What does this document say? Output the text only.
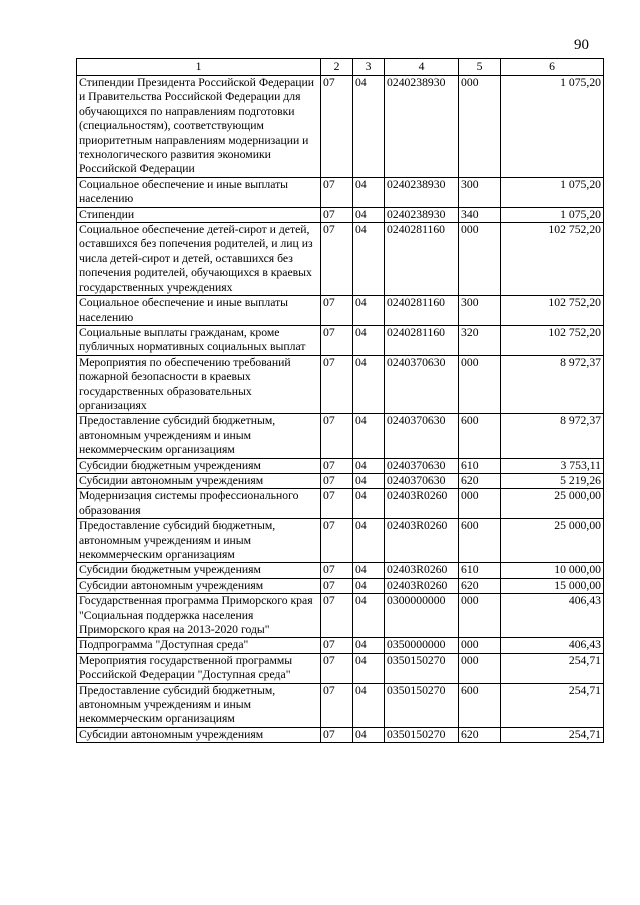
90
1	2	3	4	5	6
Стипендии Президента Российской Федерации и Правительства Российской Федерации для обучающихся по направлениям подготовки (специальностям), соответствующим приоритетным направлениям модернизации и технологического развития экономики Российской Федерации	07	04	0240238930	000	1 075,20
Социальное обеспечение и иные выплаты населению	07	04	0240238930	300	1 075,20
Стипендии	07	04	0240238930	340	1 075,20
Социальное обеспечение детей-сирот и детей, оставшихся без попечения родителей, и лиц из числа детей-сирот и детей, оставшихся без попечения родителей, обучающихся в краевых государственных учреждениях	07	04	0240281160	000	102 752,20
Социальное обеспечение и иные выплаты населению	07	04	0240281160	300	102 752,20
Социальные выплаты гражданам, кроме публичных нормативных социальных выплат	07	04	0240281160	320	102 752,20
Мероприятия по обеспечению требований пожарной безопасности в краевых государственных образовательных организациях	07	04	0240370630	000	8 972,37
Предоставление субсидий бюджетным, автономным учреждениям и иным некоммерческим организациям	07	04	0240370630	600	8 972,37
Субсидии бюджетным учреждениям	07	04	0240370630	610	3 753,11
Субсидии автономным учреждениям	07	04	0240370630	620	5 219,26
Модернизация системы профессионального образования	07	04	02403R0260	000	25 000,00
Предоставление субсидий бюджетным, автономным учреждениям и иным некоммерческим организациям	07	04	02403R0260	600	25 000,00
Субсидии бюджетным учреждениям	07	04	02403R0260	610	10 000,00
Субсидии автономным учреждениям	07	04	02403R0260	620	15 000,00
Государственная программа Приморского края "Социальная поддержка населения Приморского края на 2013-2020 годы"	07	04	0300000000	000	406,43
Подпрограмма "Доступная среда"	07	04	0350000000	000	406,43
Мероприятия государственной программы Российской Федерации "Доступная среда"	07	04	0350150270	000	254,71
Предоставление субсидий бюджетным, автономным учреждениям и иным некоммерческим организациям	07	04	0350150270	600	254,71
Субсидии автономным учреждениям	07	04	0350150270	620	254,71
